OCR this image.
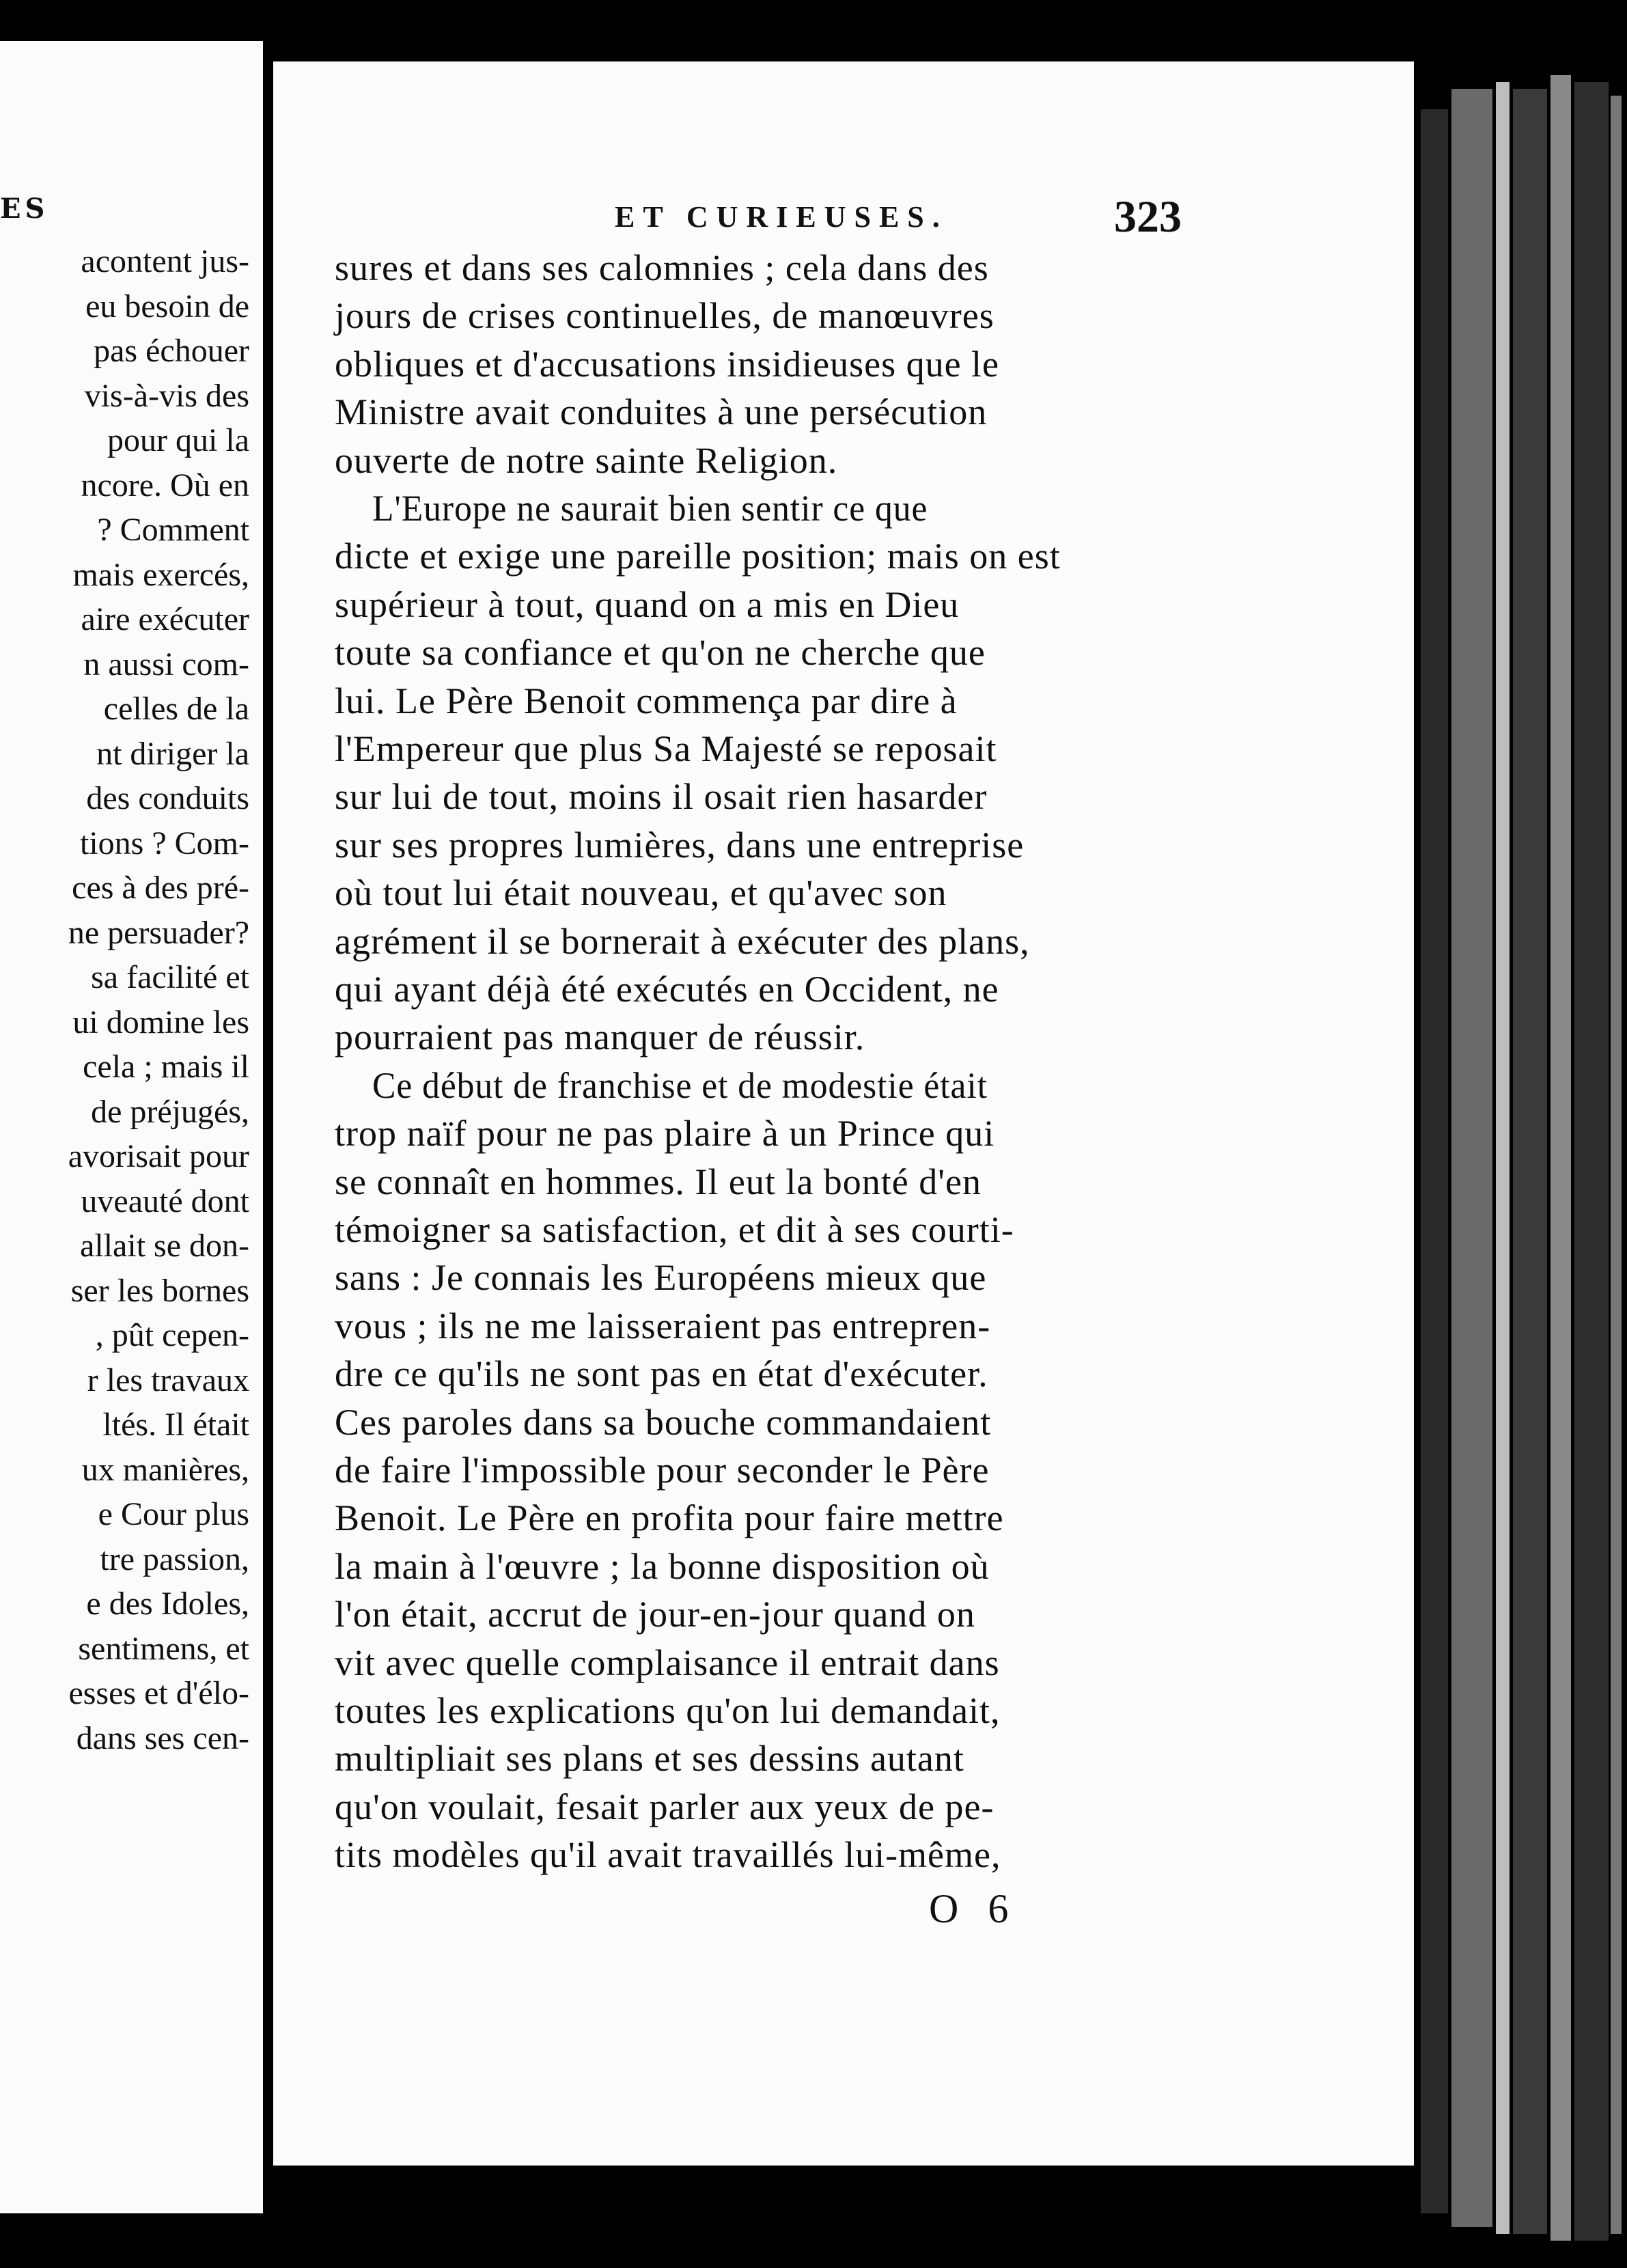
ES
acontent jus-
eu besoin de
pas échouer
vis-à-vis des
pour qui la
ncore. Où en
? Comment
mais exercés,
aire exécuter
n aussi com-
celles de la
nt diriger la
des conduits
tions ? Com-
ces à des pré-
ne persuader?
sa facilité et
ui domine les
cela ; mais il
de préjugés,
avorisait pour
uveauté dont
allait se don-
ser les bornes
, pût cepen-
r les travaux
ltés. Il était
ux manières,
e Cour plus
tre passion,
e des Idoles,
sentimens, et
esses et d'élo-
dans ses cen-
ET CURIEUSES.	323
sures et dans ses calomnies ; cela dans des
jours de crises continuelles, de manœuvres
obliques et d'accusations insidieuses que le
Ministre avait conduites à une persécution
ouverte de notre sainte Religion.
L'Europe ne saurait bien sentir ce que
dicte et exige une pareille position; mais on est
supérieur à tout, quand on a mis en Dieu
toute sa confiance et qu'on ne cherche que
lui. Le Père Benoit commença par dire à
l'Empereur que plus Sa Majesté se reposait
sur lui de tout, moins il osait rien hasarder
sur ses propres lumières, dans une entreprise
où tout lui était nouveau, et qu'avec son
agrément il se bornerait à exécuter des plans,
qui ayant déjà été exécutés en Occident, ne
pourraient pas manquer de réussir.
Ce début de franchise et de modestie était
trop naïf pour ne pas plaire à un Prince qui
se connaît en hommes. Il eut la bonté d'en
témoigner sa satisfaction, et dit à ses courti-
sans : Je connais les Européens mieux que
vous ; ils ne me laisseraient pas entrepren-
dre ce qu'ils ne sont pas en état d'exécuter.
Ces paroles dans sa bouche commandaient
de faire l'impossible pour seconder le Père
Benoit. Le Père en profita pour faire mettre
la main à l'œuvre ; la bonne disposition où
l'on était, accrut de jour-en-jour quand on
vit avec quelle complaisance il entrait dans
toutes les explications qu'on lui demandait,
multipliait ses plans et ses dessins autant
qu'on voulait, fesait parler aux yeux de pe-
tits modèles qu'il avait travaillés lui-même,
O 6
